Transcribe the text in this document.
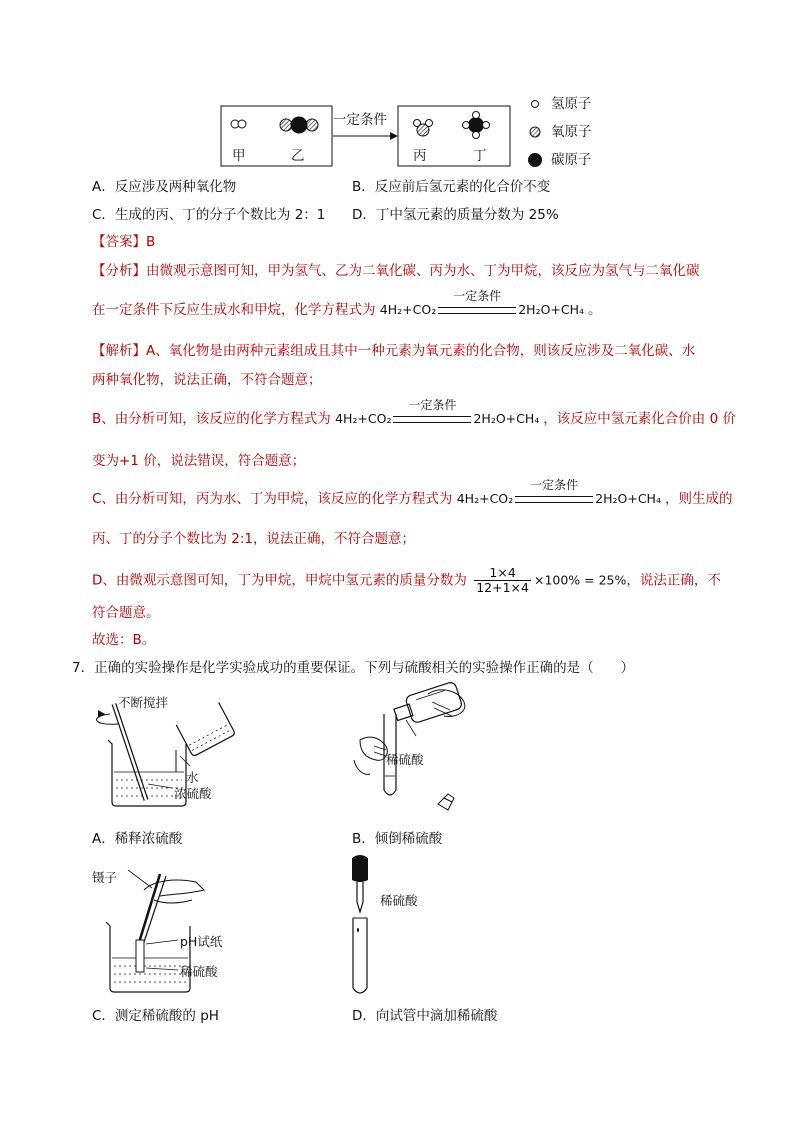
甲	乙
一定条件
丙	丁
氢原子
氧原子
碳原子
A．反应涉及两种氧化物	B．反应前后氢元素的化合价不变
C．生成的丙、丁的分子个数比为 2：1 D．丁中氢元素的质量分数为 25%
【答案】B
【分析】由微观示意图可知，甲为氢气、乙为二氧化碳、丙为水、丁为甲烷，该反应为氢气与二氧化碳
在一定条件下反应生成水和甲烷，化学方程式为 4H₂+CO₂
一定条件
2H₂O+CH₄ 。
【解析】A、氧化物是由两种元素组成且其中一种元素为氧元素的化合物，则该反应涉及二氧化碳、水
两种氧化物，说法正确，不符合题意；
B、由分析可知，该反应的化学方程式为 4H₂+CO₂
一定条件
2H₂O+CH₄ ，该反应中氢元素化合价由 0 价
变为+1 价，说法错误，符合题意；
C、由分析可知，丙为水、丁为甲烷，该反应的化学方程式为 4H₂+CO₂
一定条件
2H₂O+CH₄ ，则生成的
丙、丁的分子个数比为 2:1，说法正确，不符合题意；
D、由微观示意图可知，丁为甲烷，甲烷中氢元素的质量分数为 $\frac{1\times 4}{12+1\times 4} \times 100\% = 25\%$，说法正确，不
符合题意。
故选：B。
7．正确的实验操作是化学实验成功的重要保证。下列与硫酸相关的实验操作正确的是（　　）
不断搅拌
水
浓硫酸
A．稀释浓硫酸
稀硫酸
B．倾倒稀硫酸
镊子
pH试纸
稀硫酸
C．测定稀硫酸的 pH
稀硫酸
D．向试管中滴加稀硫酸
